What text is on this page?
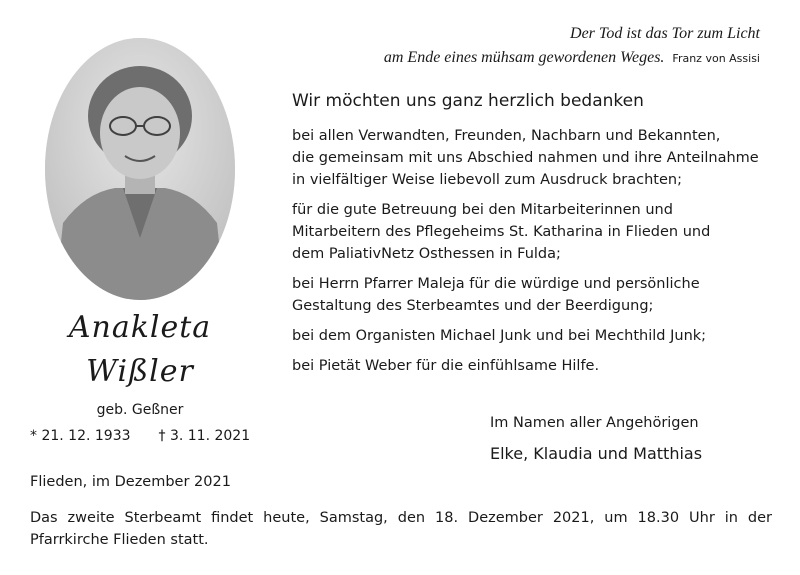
Der Tod ist das Tor zum Licht
am Ende eines mühsam gewordenen Weges. Franz von Assisi
Anakleta
Wißler
geb. Geßner
* 21. 12. 1933 † 3. 11. 2021
Wir möchten uns ganz herzlich bedanken

bei allen Verwandten, Freunden, Nachbarn und Bekannten,
die gemeinsam mit uns Abschied nahmen und ihre Anteilnahme
in vielfältiger Weise liebevoll zum Ausdruck brachten;

für die gute Betreuung bei den Mitarbeiterinnen und
Mitarbeitern des Pflegeheims St. Katharina in Flieden und
dem PaliativNetz Osthessen in Fulda;

bei Herrn Pfarrer Maleja für die würdige und persönliche
Gestaltung des Sterbeamtes und der Beerdigung;

bei dem Organisten Michael Junk und bei Mechthild Junk;

bei Pietät Weber für die einfühlsame Hilfe.

Im Namen aller Angehörigen
Elke, Klaudia und Matthias
Flieden, im Dezember 2021
Das zweite Sterbeamt findet heute, Samstag, den 18. Dezember 2021, um 18.30 Uhr in der Pfarrkirche Flieden statt.
